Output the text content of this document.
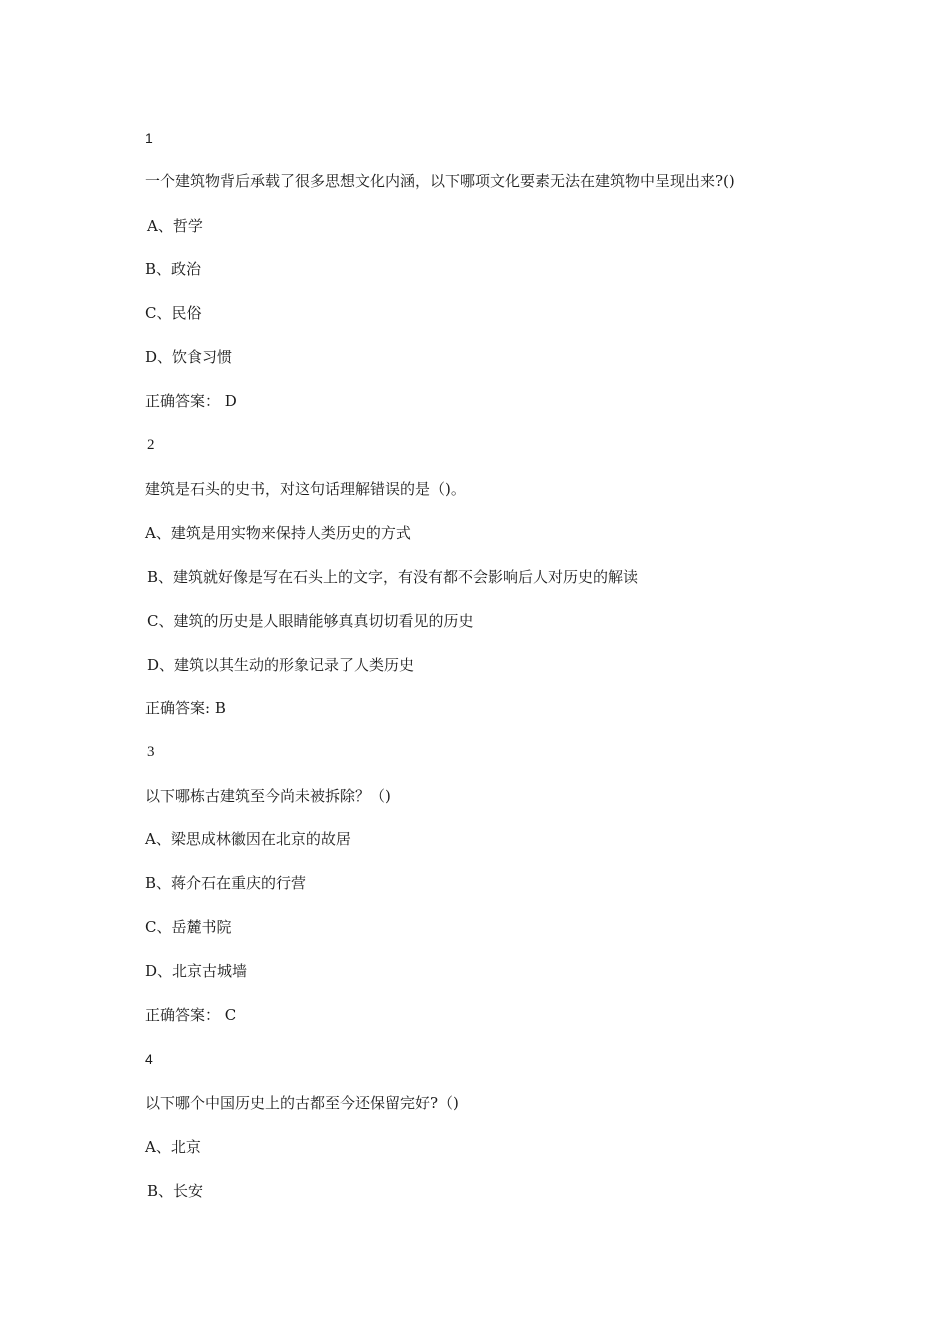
1
一个建筑物背后承载了很多思想文化内涵，以下哪项文化要素无法在建筑物中呈现出来?()
A、哲学
B、政治
C、民俗
D、饮食习惯
正确答案： D
2
建筑是石头的史书，对这句话理解错误的是（)。
A、建筑是用实物来保持人类历史的方式
B、建筑就好像是写在石头上的文字，有没有都不会影响后人对历史的解读
C、建筑的历史是人眼睛能够真真切切看见的历史
D、建筑以其生动的形象记录了人类历史
正确答案: B
3
以下哪栋古建筑至今尚未被拆除？（)
A、梁思成林徽因在北京的故居
B、蒋介石在重庆的行营
C、岳麓书院
D、北京古城墙
正确答案： C
4
以下哪个中国历史上的古都至今还保留完好?（)
A、北京
B、长安
